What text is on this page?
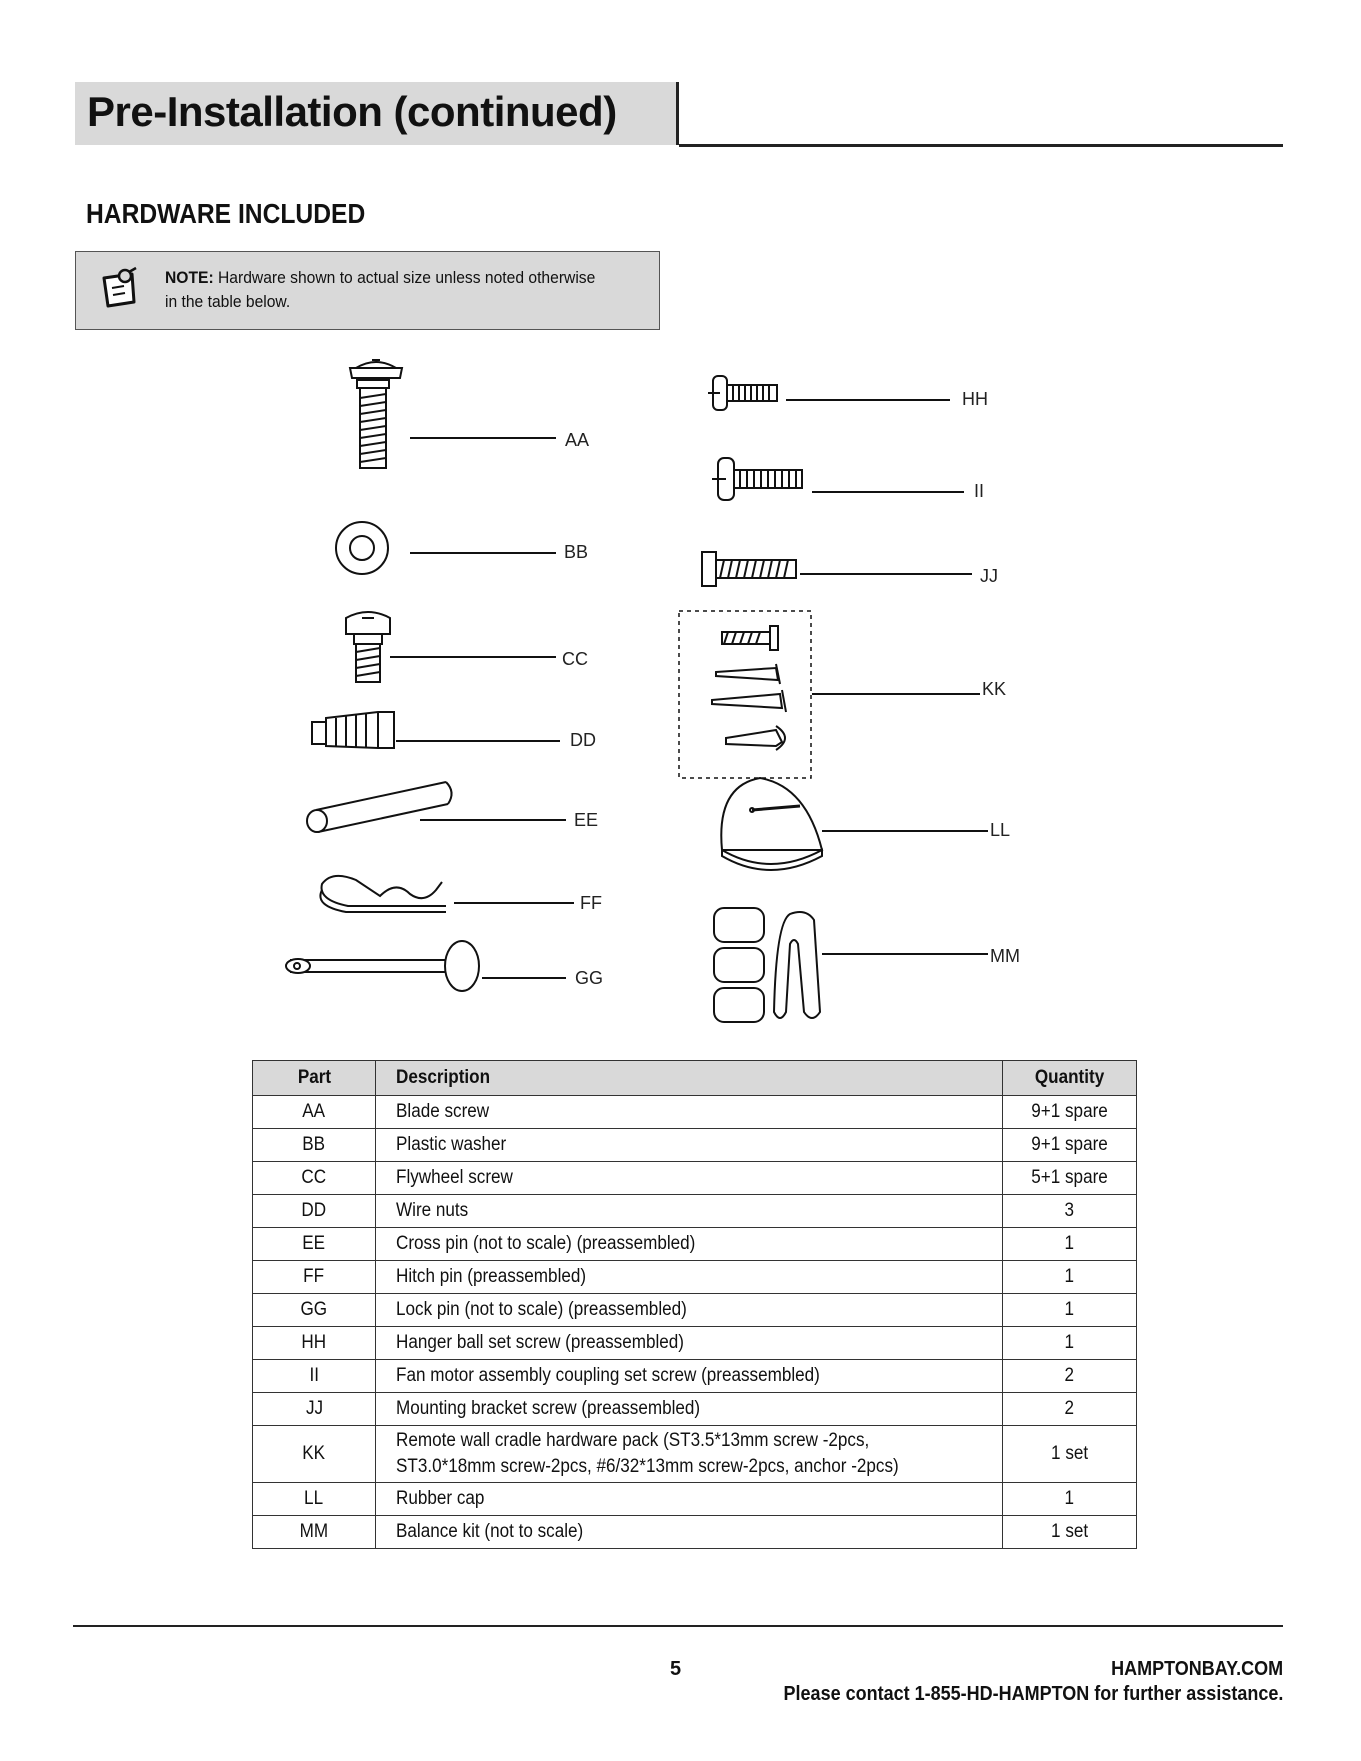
Pre-Installation (continued)
HARDWARE INCLUDED
NOTE: Hardware shown to actual size unless noted otherwise in the table below.
AA
BB
CC
DD
EE
FF
GG
HH
II
JJ
KK
LL
MM
Part	Description	Quantity
AA	Blade screw	9+1 spare
BB	Plastic washer	9+1 spare
CC	Flywheel screw	5+1 spare
DD	Wire nuts	3
EE	Cross pin (not to scale) (preassembled)	1
FF	Hitch pin (preassembled)	1
GG	Lock pin (not to scale) (preassembled)	1
HH	Hanger ball set screw (preassembled)	1
II	Fan motor assembly coupling set screw (preassembled)	2
JJ	Mounting bracket screw (preassembled)	2
KK	Remote wall cradle hardware pack (ST3.5*13mm screw -2pcs,
ST3.0*18mm screw-2pcs, #6/32*13mm screw-2pcs, anchor -2pcs)	1 set
LL	Rubber cap	1
MM	Balance kit (not to scale)	1 set
5	HAMPTONBAY.COM
Please contact 1-855-HD-HAMPTON for further assistance.
